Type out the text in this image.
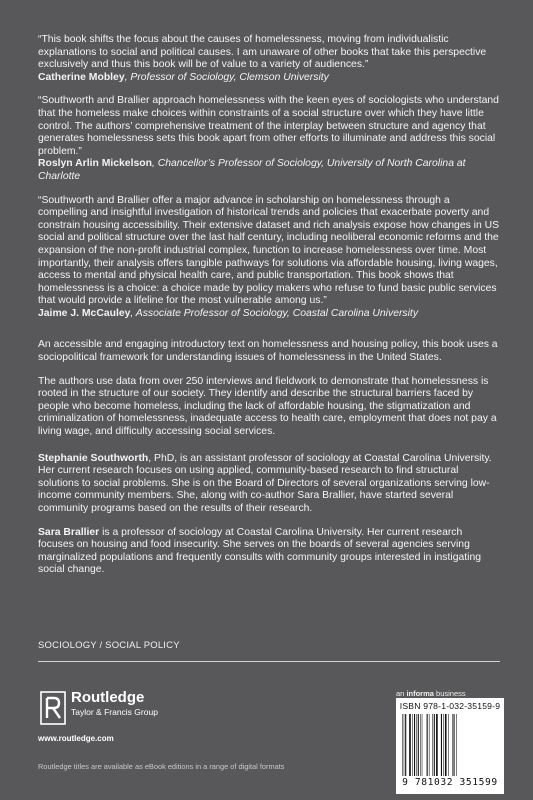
“This book shifts the focus about the causes of homelessness, moving from individualistic explanations to social and political causes. I am unaware of other books that take this perspective exclusively and thus this book will be of value to a variety of audiences.”

Catherine Mobley, Professor of Sociology, Clemson University

“Southworth and Brallier approach homelessness with the keen eyes of sociologists who understand that the homeless make choices within constraints of a social structure over which they have little control. The authors’ comprehensive treatment of the interplay between structure and agency that generates homelessness sets this book apart from other efforts to illuminate and address this social problem.”

Roslyn Arlin Mickelson, Chancellor’s Professor of Sociology, University of North Carolina at Charlotte

“Southworth and Brallier offer a major advance in scholarship on homelessness through a compelling and insightful investigation of historical trends and policies that exacerbate poverty and constrain housing accessibility. Their extensive dataset and rich analysis expose how changes in US social and political structure over the last half century, including neoliberal economic reforms and the expansion of the non-profit industrial complex, function to increase homelessness over time. Most importantly, their analysis offers tangible pathways for solutions via affordable housing, living wages, access to mental and physical health care, and public transportation. This book shows that homelessness is a choice: a choice made by policy makers who refuse to fund basic public services that would provide a lifeline for the most vulnerable among us.”

Jaime J. McCauley, Associate Professor of Sociology, Coastal Carolina University

An accessible and engaging introductory text on homelessness and housing policy, this book uses a sociopolitical framework for understanding issues of homelessness in the United States.

The authors use data from over 250 interviews and fieldwork to demonstrate that homelessness is rooted in the structure of our society. They identify and describe the structural barriers faced by people who become homeless, including the lack of affordable housing, the stigmatization and criminalization of homelessness, inadequate access to health care, employment that does not pay a living wage, and difficulty accessing social services.

Stephanie Southworth, PhD, is an assistant professor of sociology at Coastal Carolina University. Her current research focuses on using applied, community-based research to find structural solutions to social problems. She is on the Board of Directors of several organizations serving low-income community members. She, along with co-author Sara Brallier, have started several community programs based on the results of their research.

Sara Brallier is a professor of sociology at Coastal Carolina University. Her current research focuses on housing and food insecurity. She serves on the boards of several agencies serving marginalized populations and frequently consults with community groups interested in instigating social change.

SOCIOLOGY / SOCIAL POLICY
Routledge
Taylor & Francis Group
www.routledge.com
Routledge titles are available as eBook editions in a range of digital formats
an informa business
ISBN 978-1-032-35159-9
9 781032 351599
